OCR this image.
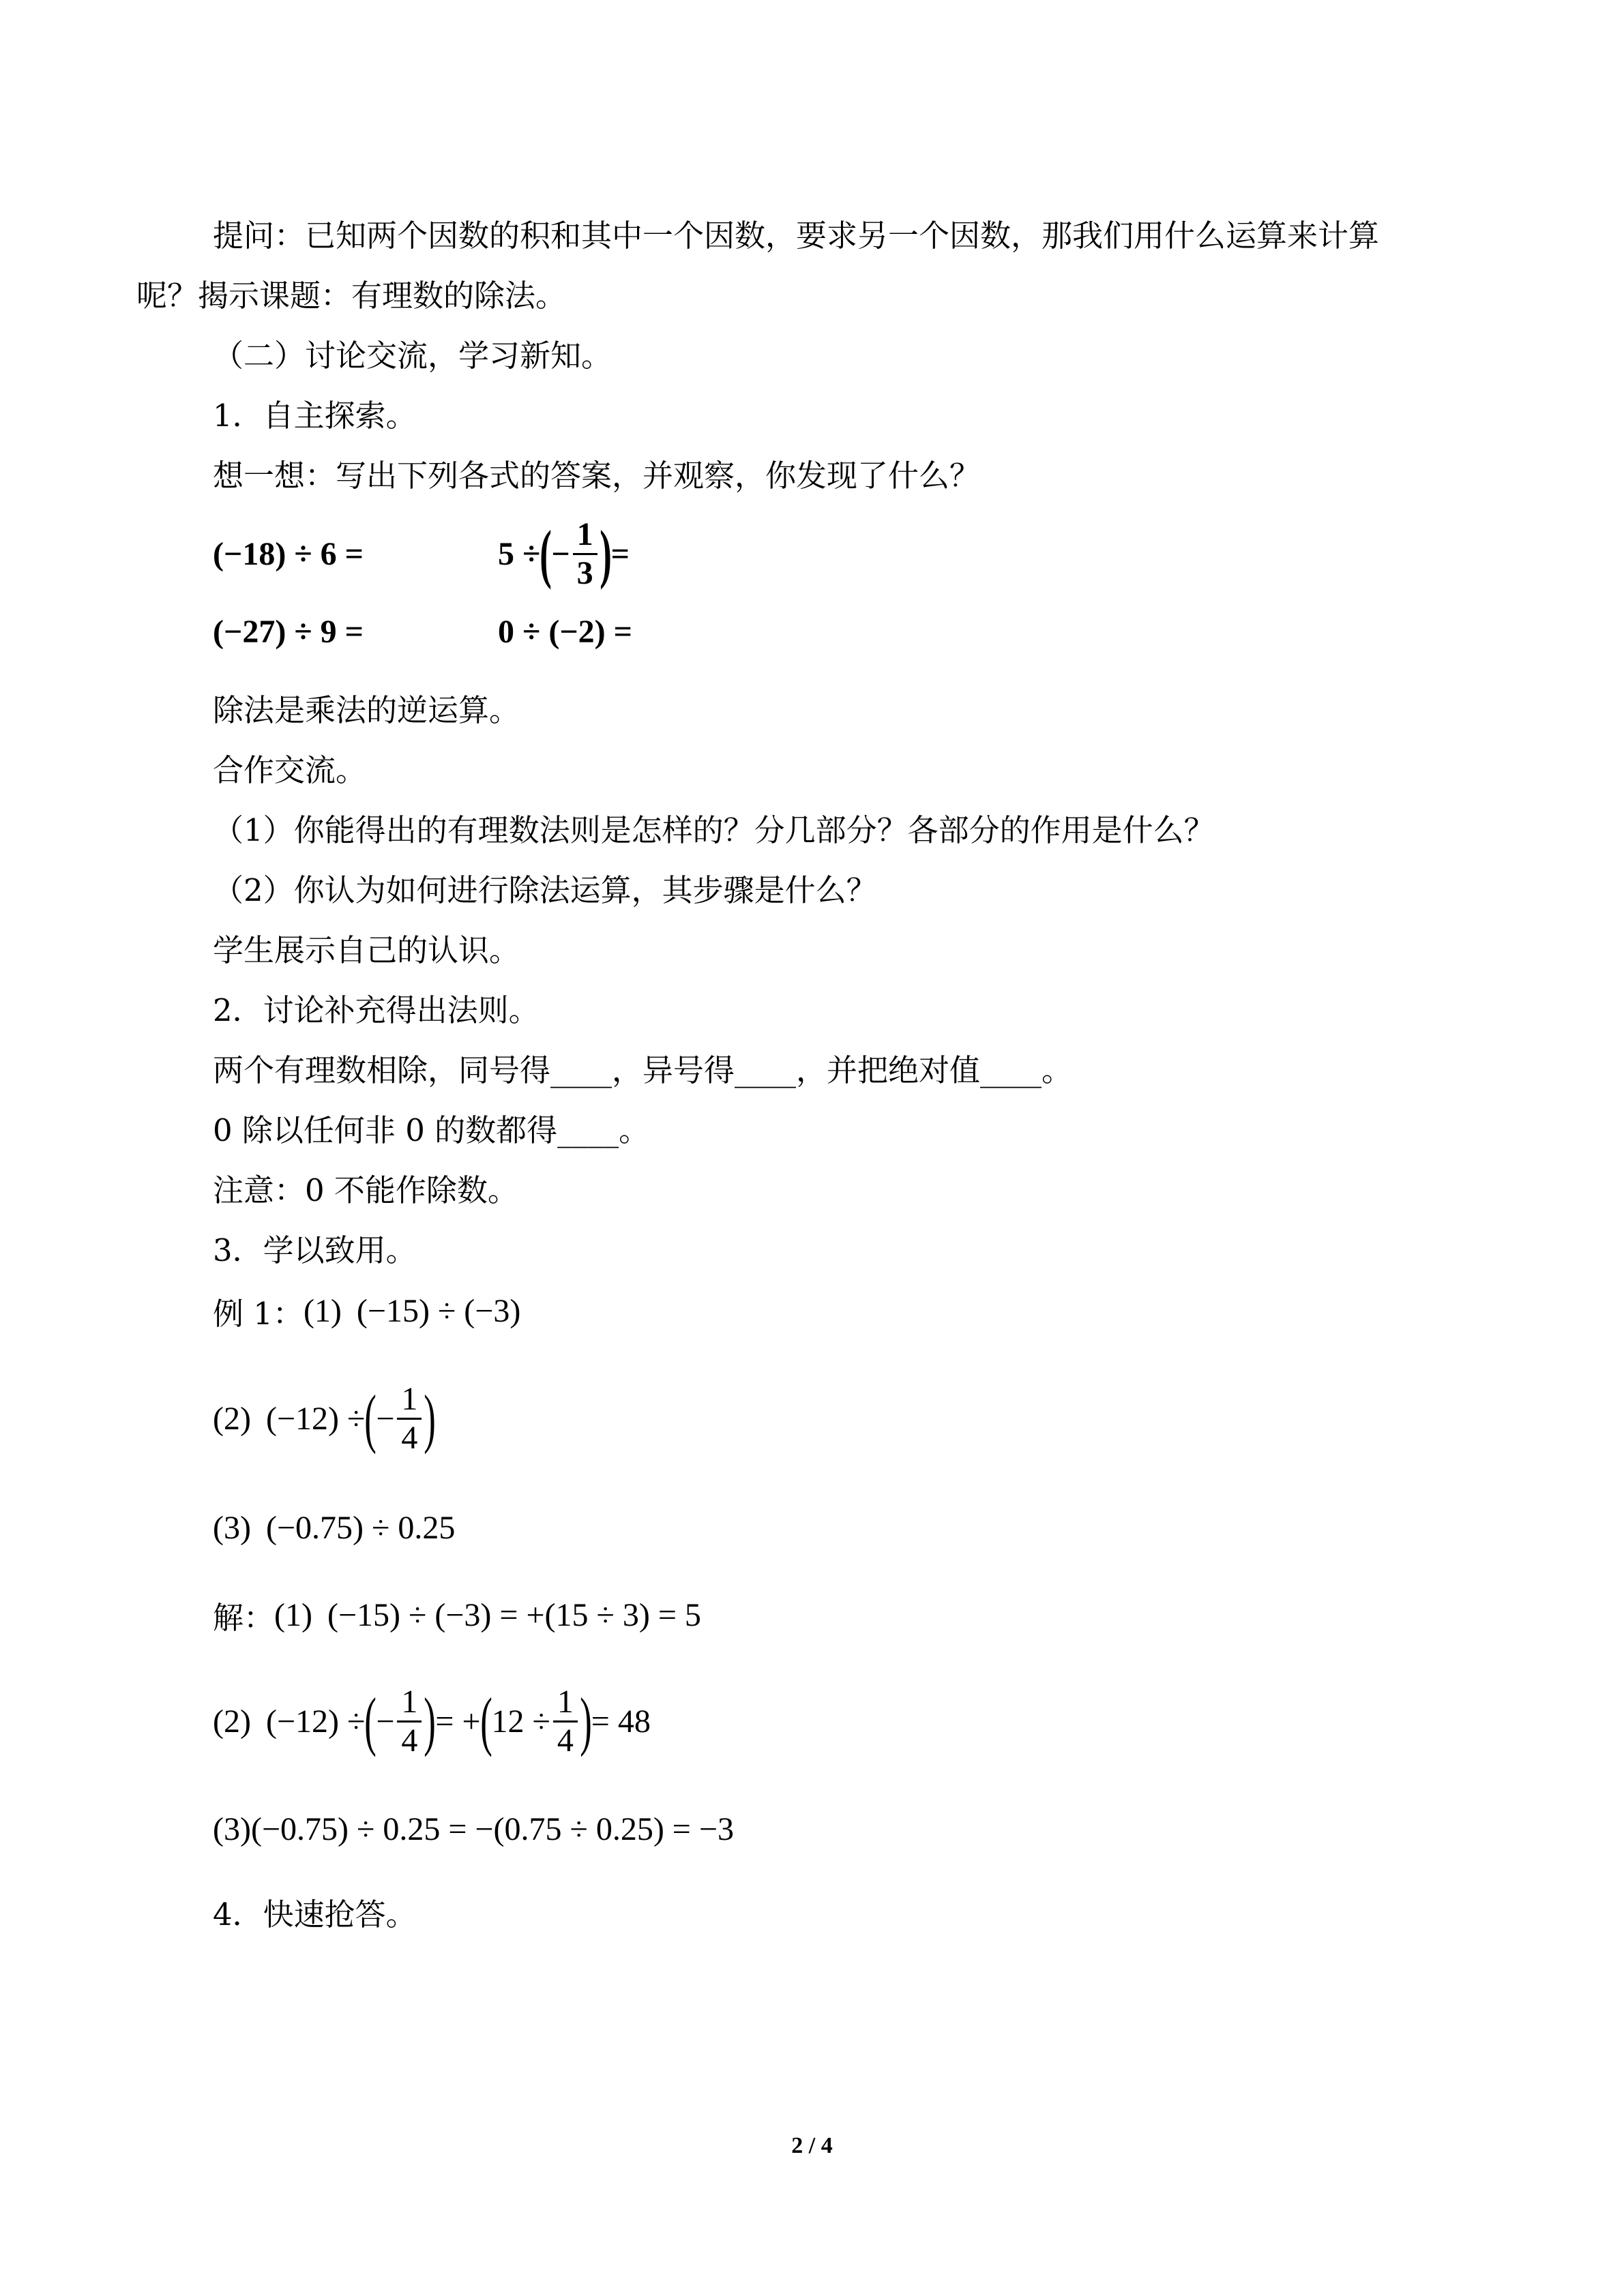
提问：已知两个因数的积和其中一个因数，要求另一个因数，那我们用什么运算来计算

呢？揭示课题：有理数的除法。

（二）讨论交流，学习新知。

1．自主探索。

想一想：写出下列各式的答案，并观察，你发现了什么？

(−18) ÷ 6 =	5 ÷ ( − $\frac{1}{3}$ ) =
(−27) ÷ 9 =	0 ÷ (−2) =

除法是乘法的逆运算。

合作交流。

（1）你能得出的有理数法则是怎样的？分几部分？各部分的作用是什么？

（2）你认为如何进行除法运算，其步骤是什么？

学生展示自己的认识。

2．讨论补充得出法则。

两个有理数相除，同号得____，异号得____，并把绝对值____。

0 除以任何非 0 的数都得____。

注意：0 不能作除数。

3．学以致用。

例 1： (1) (−15) ÷ (−3)
(2) (−12) ÷ ( − $\frac{1}{4}$ )
(3) (−0.75) ÷ 0.25
解： (1) (−15) ÷ (−3) = +(15 ÷ 3) = 5
(2) (−12) ÷ ( − $\frac{1}{4}$ ) = + ( $12 \div \frac{1}{4}$ ) = 48
(3)(−0.75) ÷ 0.25 = −(0.75 ÷ 0.25) = −3

4．快速抢答。

2 / 4
